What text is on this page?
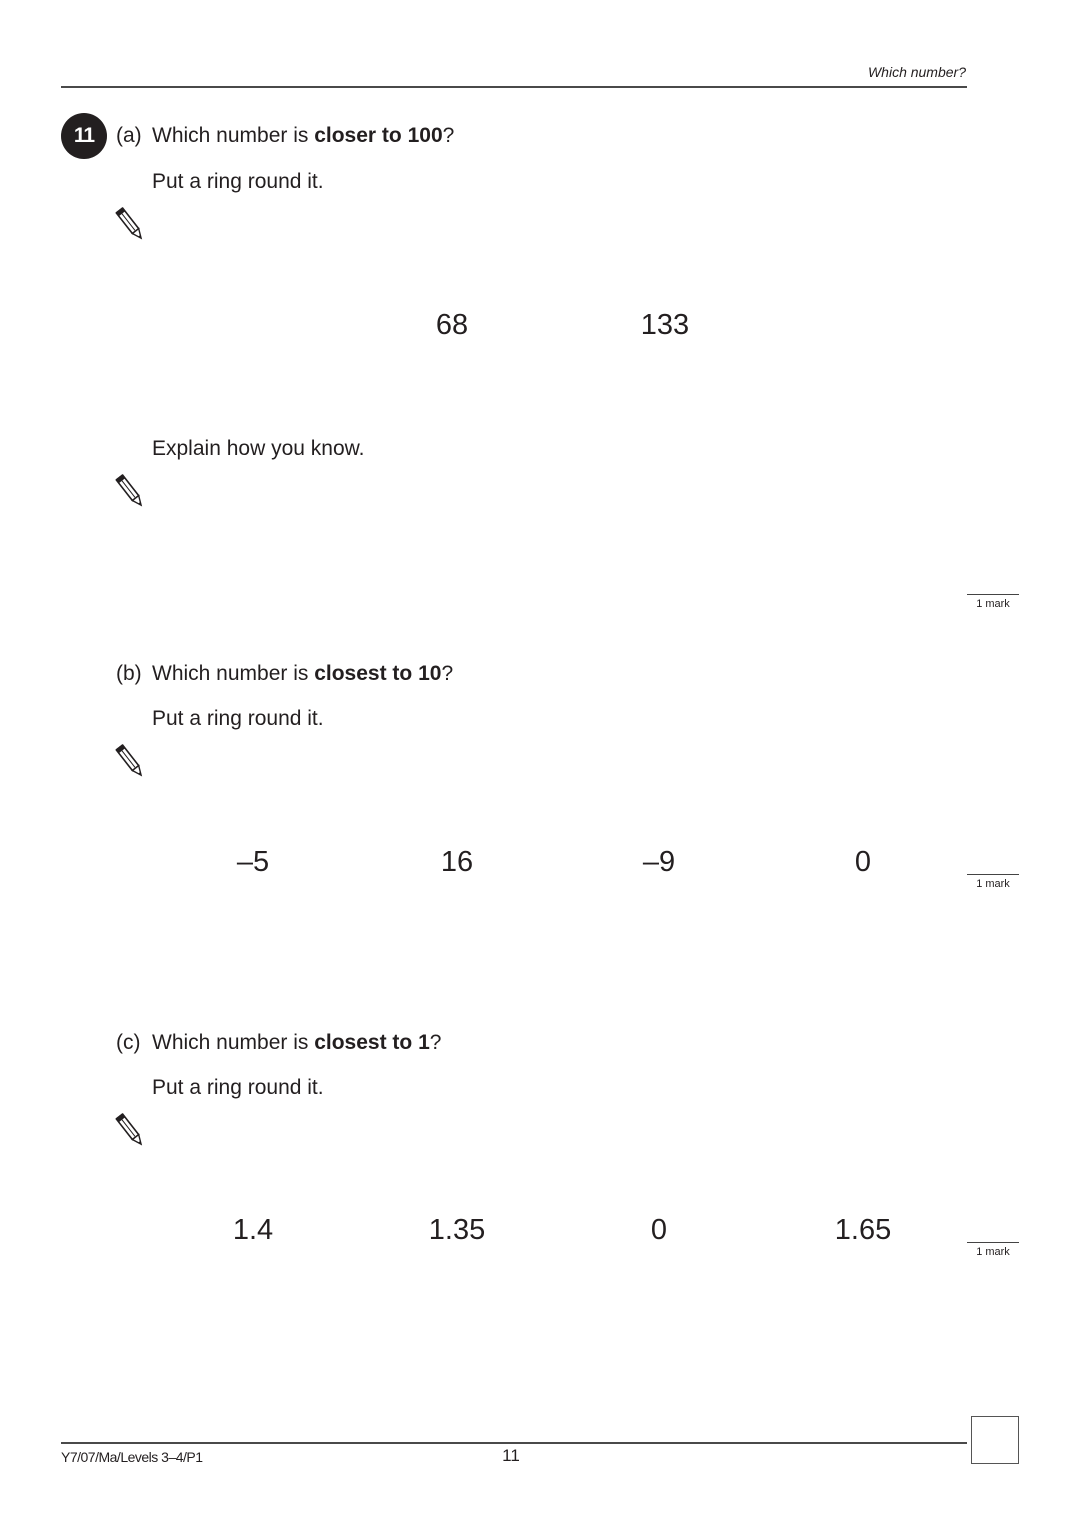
Which number?
11	(a) Which number is closer to 100?
Put a ring round it.
68	133
Explain how you know.
1 mark
(b) Which number is closest to 10?
Put a ring round it.
–5	16	–9	0
1 mark
(c) Which number is closest to 1?
Put a ring round it.
1.4	1.35	0	1.65
1 mark
Y7/07/Ma/Levels 3–4/P1	11
